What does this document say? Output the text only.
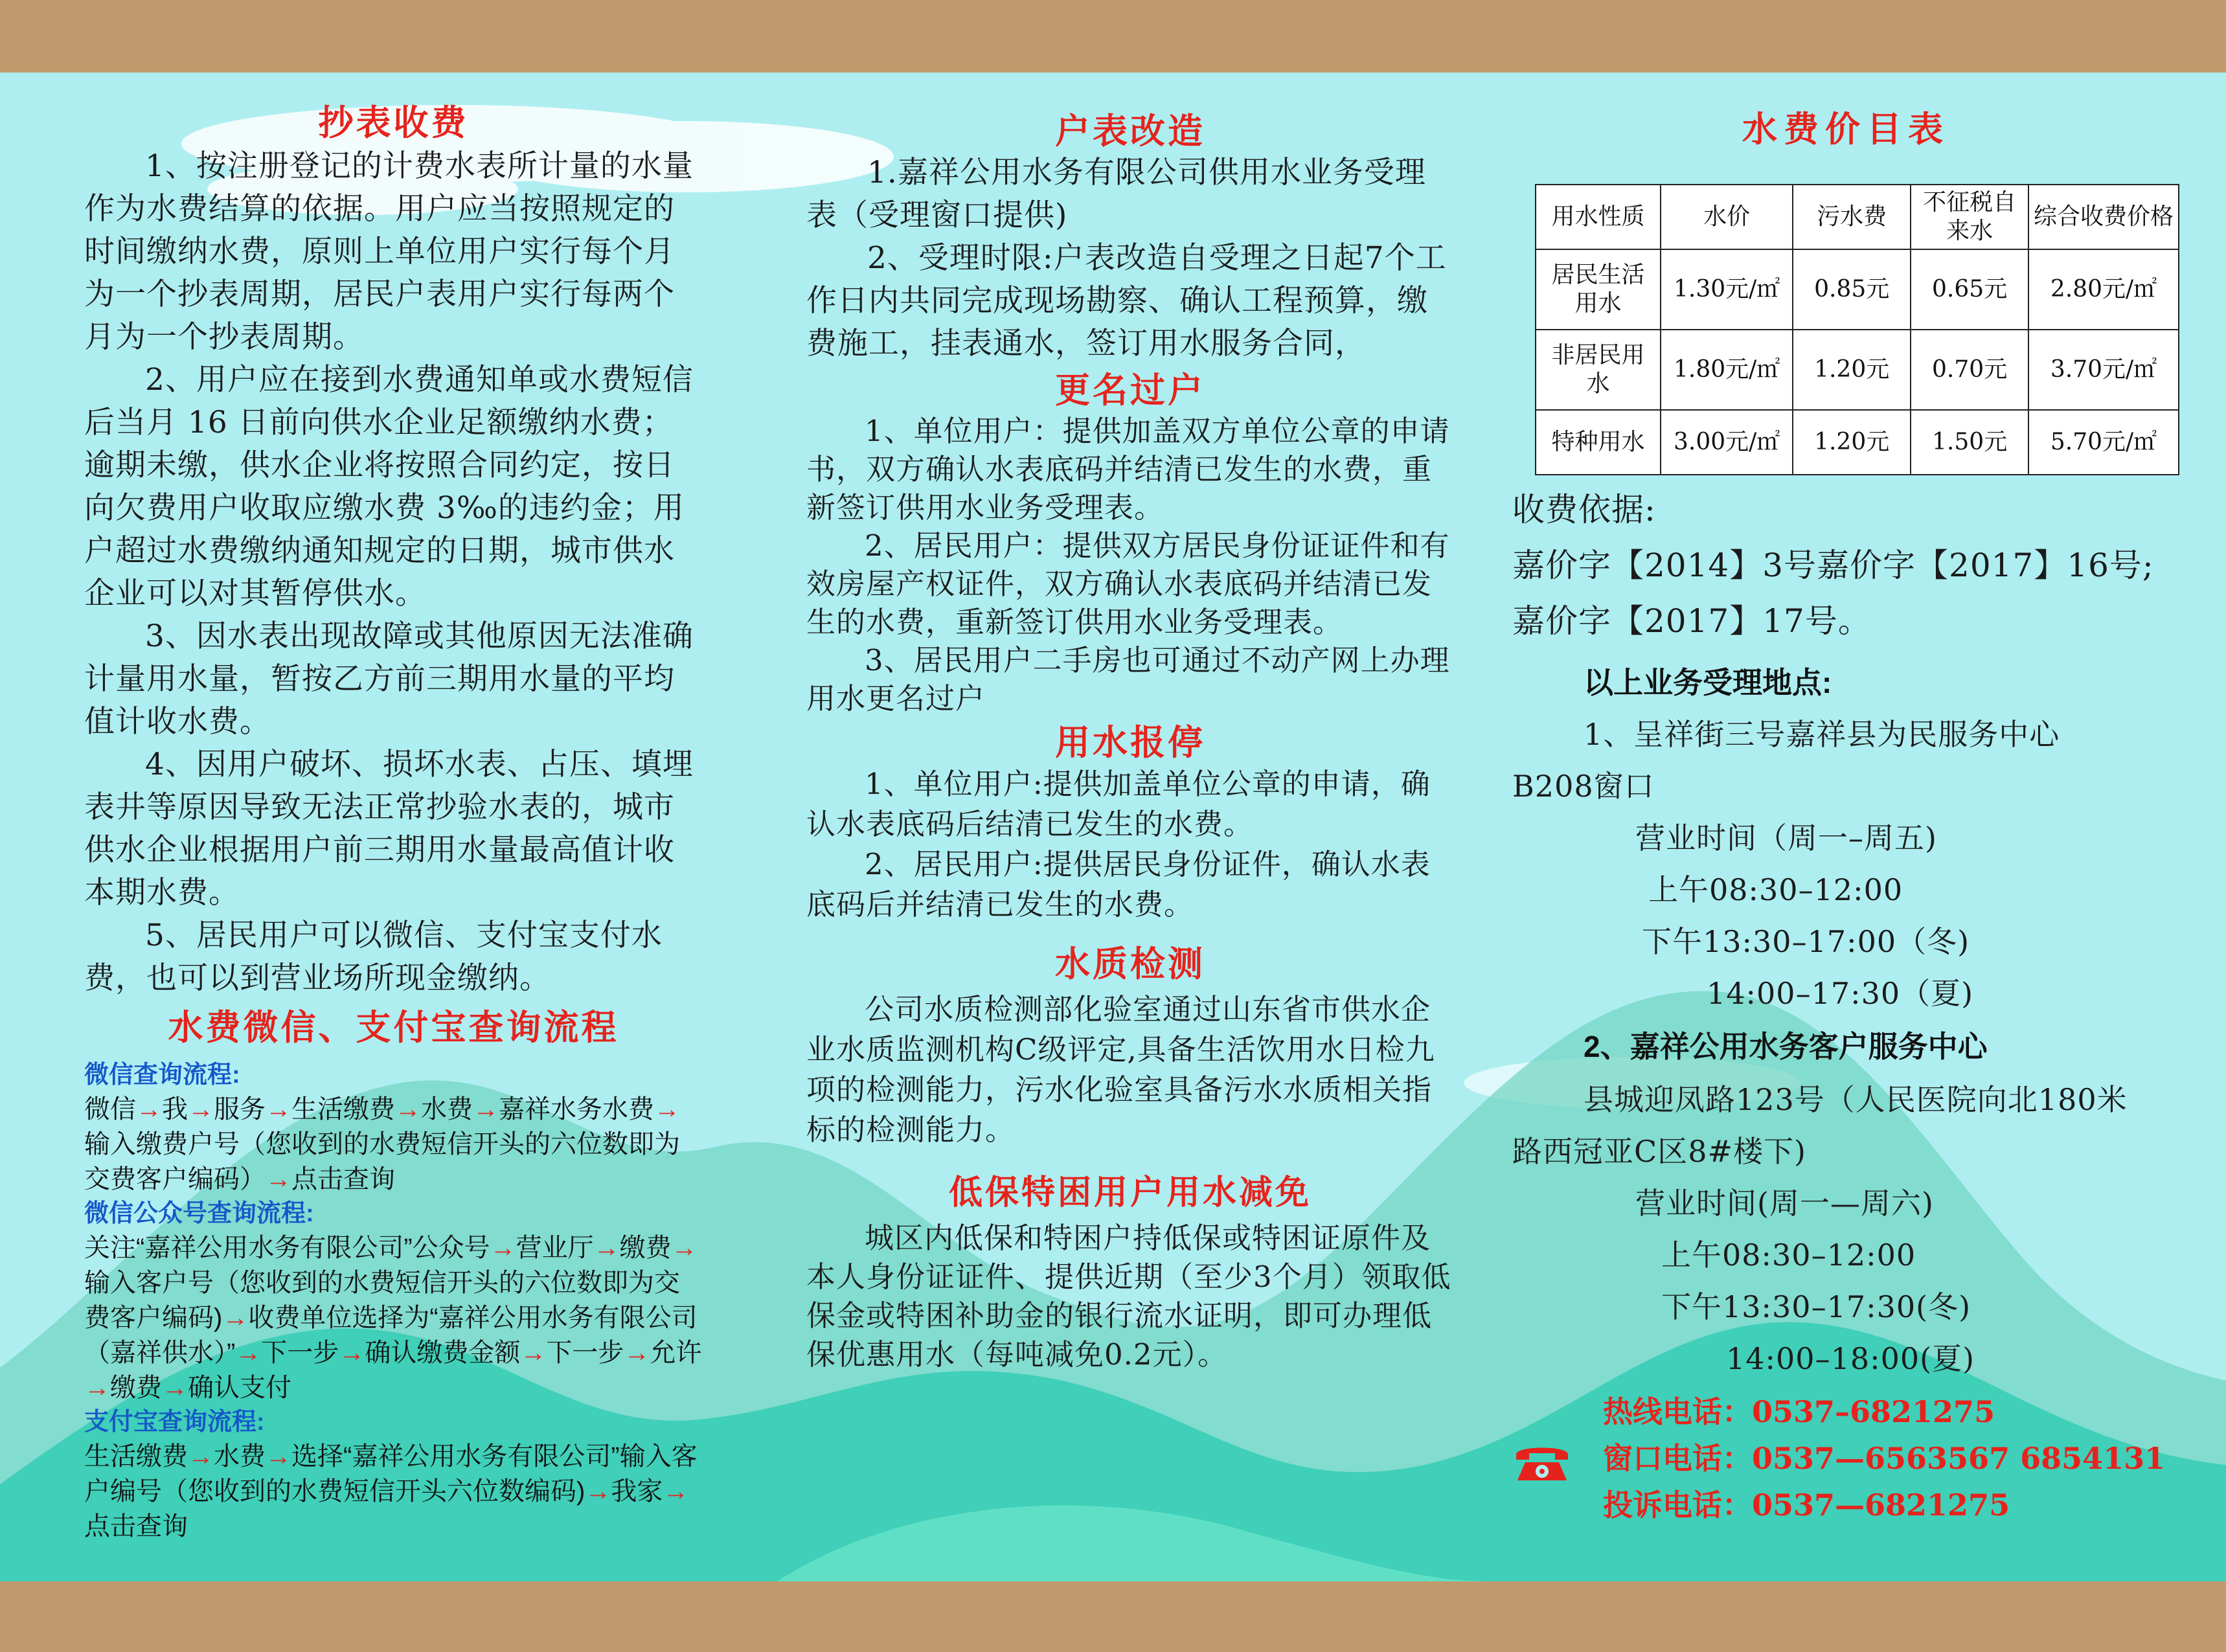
抄表收费

1、按注册登记的计费水表所计量的水量作为水费结算的依据。用户应当按照规定的时间缴纳水费，原则上单位用户实行每个月为一个抄表周期，居民户表用户实行每两个月为一个抄表周期。

2、用户应在接到水费通知单或水费短信后当月 16 日前向供水企业足额缴纳水费；逾期未缴，供水企业将按照合同约定，按日向欠费用户收取应缴水费 3‰的违约金；用户超过水费缴纳通知规定的日期，城市供水企业可以对其暂停供水。

3、因水表出现故障或其他原因无法准确计量用水量，暂按乙方前三期用水量的平均值计收水费。

4、因用户破坏、损坏水表、占压、填埋表井等原因导致无法正常抄验水表的，城市供水企业根据用户前三期用水量最高值计收本期水费。

5、居民用户可以微信、支付宝支付水费，也可以到营业场所现金缴纳。

水费微信、支付宝查询流程
微信查询流程:
微信→我→服务→生活缴费→水费→嘉祥水务水费→输入缴费户号（您收到的水费短信开头的六位数即为交费客户编码）→点击查询
微信公众号查询流程:
关注“嘉祥公用水务有限公司”公众号→营业厅→缴费→输入客户号（您收到的水费短信开头的六位数即为交费客户编码)→收费单位选择为“嘉祥公用水务有限公司（嘉祥供水）”→下一步→确认缴费金额→下一步→允许→缴费→确认支付
支付宝查询流程:
生活缴费→水费→选择“嘉祥公用水务有限公司”输入客户编号（您收到的水费短信开头六位数编码)→我家→点击查询
户表改造

1.嘉祥公用水务有限公司供用水业务受理表（受理窗口提供)

2、受理时限:户表改造自受理之日起7个工作日内共同完成现场勘察、确认工程预算，缴费施工，挂表通水，签订用水服务合同，

更名过户

1、单位用户：提供加盖双方单位公章的申请书，双方确认水表底码并结清已发生的水费，重新签订供用水业务受理表。

2、居民用户：提供双方居民身份证证件和有效房屋产权证件，双方确认水表底码并结清已发生的水费，重新签订供用水业务受理表。

3、居民用户二手房也可通过不动产网上办理用水更名过户

用水报停

1、单位用户:提供加盖单位公章的申请，确认水表底码后结清已发生的水费。

2、居民用户:提供居民身份证件，确认水表底码后并结清已发生的水费。

水质检测

公司水质检测部化验室通过山东省市供水企业水质监测机构C级评定,具备生活饮用水日检九项的检测能力，污水化验室具备污水水质相关指标的检测能力。

低保特困用户用水减免

城区内低保和特困户持低保或特困证原件及本人身份证证件、提供近期（至少3个月）领取低保金或特困补助金的银行流水证明，即可办理低保优惠用水（每吨减免0.2元）。

水费价目表
用水性质	水价	污水费	不征税自来水	综合收费价格
居民生活用水	1.30元/㎡	0.85元	0.65元	2.80元/㎡
非居民用水	1.80元/㎡	1.20元	0.70元	3.70元/㎡
特种用水	3.00元/㎡	1.20元	1.50元	5.70元/㎡
收费依据:
嘉价字【2014】3号嘉价字【2017】16号;
嘉价字【2017】17号。
以上业务受理地点:
1、呈祥街三号嘉祥县为民服务中心
B208窗口
营业时间（周一–周五)
上午08:30–12:00
下午13:30–17:00（冬)
14:00–17:30（夏)
2、嘉祥公用水务客户服务中心
县城迎凤路123号（人民医院向北180米
路西冠亚C区8#楼下)
营业时间(周一—周六)
上午08:30–12:00
下午13:30–17:30(冬)
14:00–18:00(夏)
热线电话：0537–6821275
窗口电话：0537—6563567 6854131
投诉电话：0537—6821275
